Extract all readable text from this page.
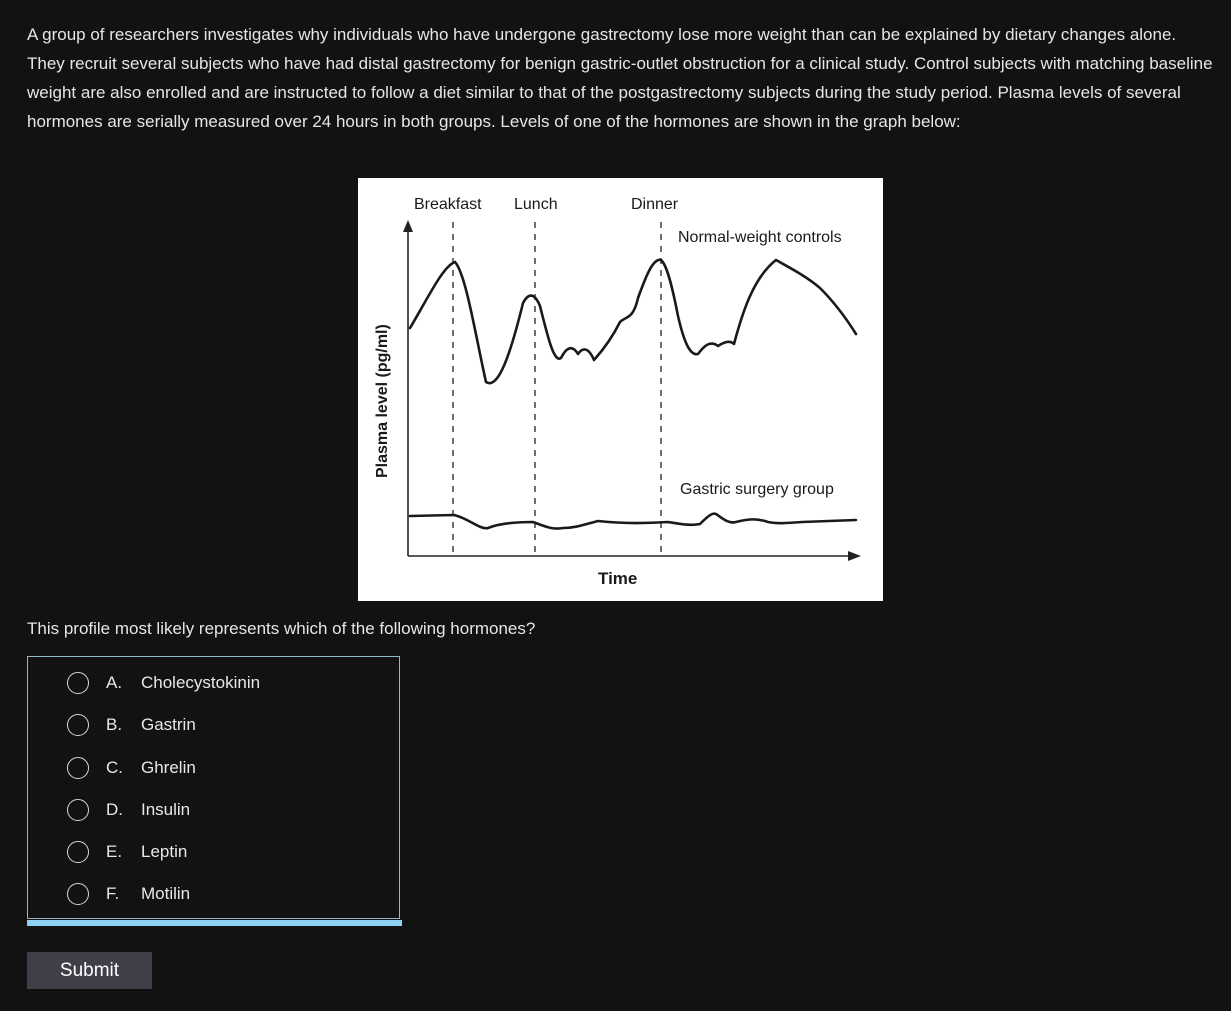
A group of researchers investigates why individuals who have undergone gastrectomy lose more weight than can be explained by dietary changes alone. They recruit several subjects who have had distal gastrectomy for benign gastric-outlet obstruction for a clinical study. Control subjects with matching baseline weight are also enrolled and are instructed to follow a diet similar to that of the postgastrectomy subjects during the study period. Plasma levels of several hormones are serially measured over 24 hours in both groups. Levels of one of the hormones are shown in the graph below:
Breakfast Lunch	Dinner
Plasma level (pg/ml)
Time
Normal-weight controls
Gastric surgery group
This profile most likely represents which of the following hormones?
A.	Cholecystokinin
B.	Gastrin
C.	Ghrelin
D.	Insulin
E.	Leptin
F.	Motilin
Submit
